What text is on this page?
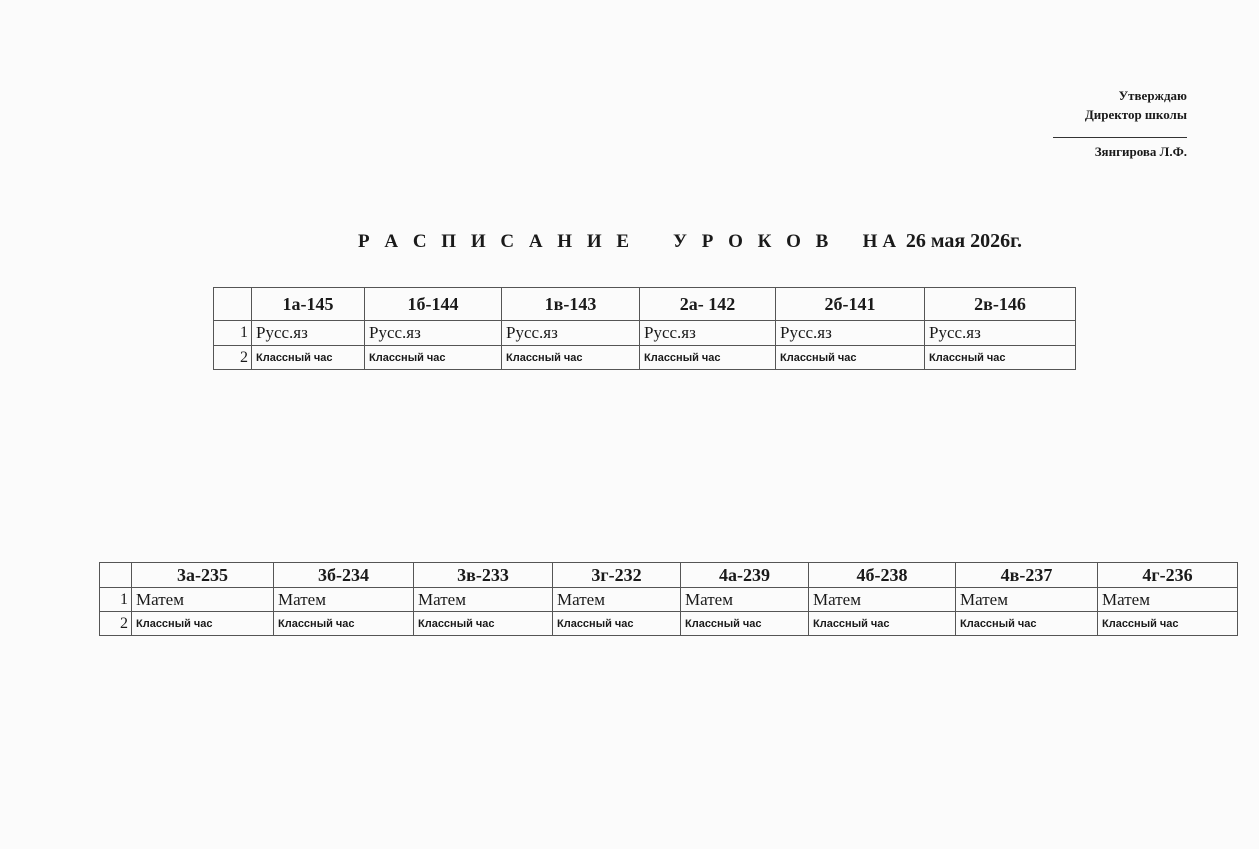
Утверждаю
Директор школы
Зянгирова Л.Ф.
Р А С П И С А Н И Е    У Р О К О В   НА 26 мая 2026г.
	1а-145	1б-144	1в-143	2а- 142	2б-141	2в-146
1	Русс.яз	Русс.яз	Русс.яз	Русс.яз	Русс.яз	Русс.яз
2	Классный час	Классный час	Классный час	Классный час	Классный час	Классный час
	3а-235	3б-234	3в-233	3г-232	4а-239	4б-238	4в-237	4г-236
1	Матем	Матем	Матем	Матем	Матем	Матем	Матем	Матем
2	Классный час	Классный час	Классный час	Классный час	Классный час	Классный час	Классный час	Классный час
